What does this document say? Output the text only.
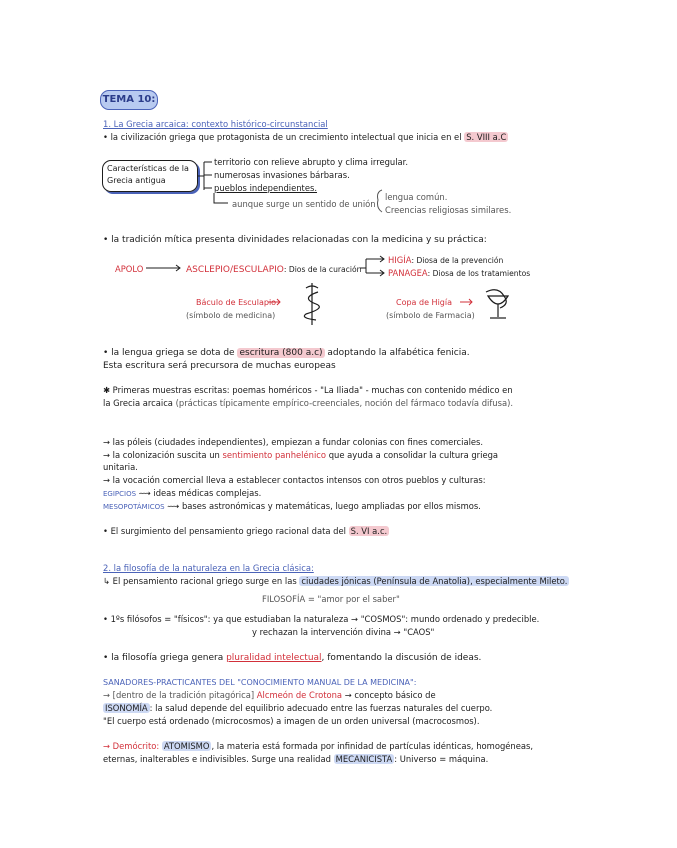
TEMA 10:
1. La Grecia arcaica: contexto histórico-circunstancial
• la civilización griega que protagonista de un crecimiento intelectual que inicia en el S. VIII a.C
Características de la Grecia antigua
territorio con relieve abrupto y clima irregular.
numerosas invasiones bárbaras.
pueblos independientes.
aunque surge un sentido de unión
lengua común.
Creencias religiosas similares.
• la tradición mítica presenta divinidades relacionadas con la medicina y su práctica:
APOLO	ASCLEPIO/ESCULAPIO: Dios de la curación
HIGÍA: Diosa de la prevención
PANAGEA: Diosa de los tratamientos
Báculo de Esculapio
(símbolo de medicina)
Copa de Higía
(símbolo de Farmacia)
• la lengua griega se dota de escritura (800 a.c) adoptando la alfabética fenicia.
Esta escritura será precursora de muchas europeas
✱ Primeras muestras escritas: poemas homéricos - "La Iliada" - muchas con contenido médico en
la Grecia arcaica (prácticas típicamente empírico-creenciales, noción del fármaco todavía difusa).
→ las póleis (ciudades independientes), empiezan a fundar colonias con fines comerciales.
→ la colonización suscita un sentimiento panhelénico que ayuda a consolidar la cultura griega
unitaria.
→ la vocación comercial lleva a establecer contactos intensos con otros pueblos y culturas:
EGIPCIOS ⟿ ideas médicas complejas.
MESOPOTÁMICOS ⟿ bases astronómicas y matemáticas, luego ampliadas por ellos mismos.
• El surgimiento del pensamiento griego racional data del S. VI a.c.
2. la filosofía de la naturaleza en la Grecia clásica:
↳ El pensamiento racional griego surge en las ciudades jónicas (Península de Anatolia), especialmente Mileto.
FILOSOFÍA = "amor por el saber"
• 1ºs filósofos = "físicos": ya que estudiaban la naturaleza → "COSMOS": mundo ordenado y predecible.
y rechazan la intervención divina → "CAOS"
• la filosofía griega genera pluralidad intelectual, fomentando la discusión de ideas.
SANADORES-PRACTICANTES DEL "CONOCIMIENTO MANUAL DE LA MEDICINA":
→ [dentro de la tradición pitagórica] Alcmeón de Crotona → concepto básico de
ISONOMÍA : la salud depende del equilibrio adecuado entre las fuerzas naturales del cuerpo.
"El cuerpo está ordenado (microcosmos) a imagen de un orden universal (macrocosmos).
→ Demócrito: ATOMISMO , la materia está formada por infinidad de partículas idénticas, homogéneas,
eternas, inalterables e indivisibles. Surge una realidad MECANICISTA : Universo = máquina.
